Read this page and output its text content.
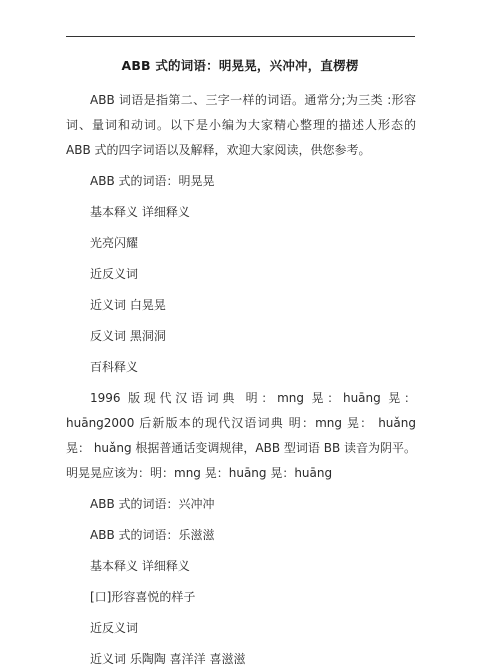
ABB 式的词语：明晃晃，兴冲冲，直楞楞

ABB 词语是指第二、三字一样的词语。通常分;为三类 :形容词、量词和动词。以下是小编为大家精心整理的描述人形态的 ABB 式的四字词语以及解释，欢迎大家阅读，供您参考。

ABB 式的词语：明晃晃

基本释义 详细释义

光亮闪耀

近反义词

近义词 白晃晃

反义词 黑洞洞

百科释义

1996 版现代汉语词典 明：mng 晃：huāng 晃：huāng2000 后新版本的现代汉语词典 明：mng 晃： huǎng 晃： huǎng 根据普通话变调规律，ABB 型词语 BB 读音为阴平。明晃晃应该为：明：mng 晃：huāng 晃：huāng

ABB 式的词语：兴冲冲

ABB 式的词语：乐滋滋

基本释义 详细释义

[口]形容喜悦的样子

近反义词

近义词 乐陶陶 喜洋洋 喜滋滋
